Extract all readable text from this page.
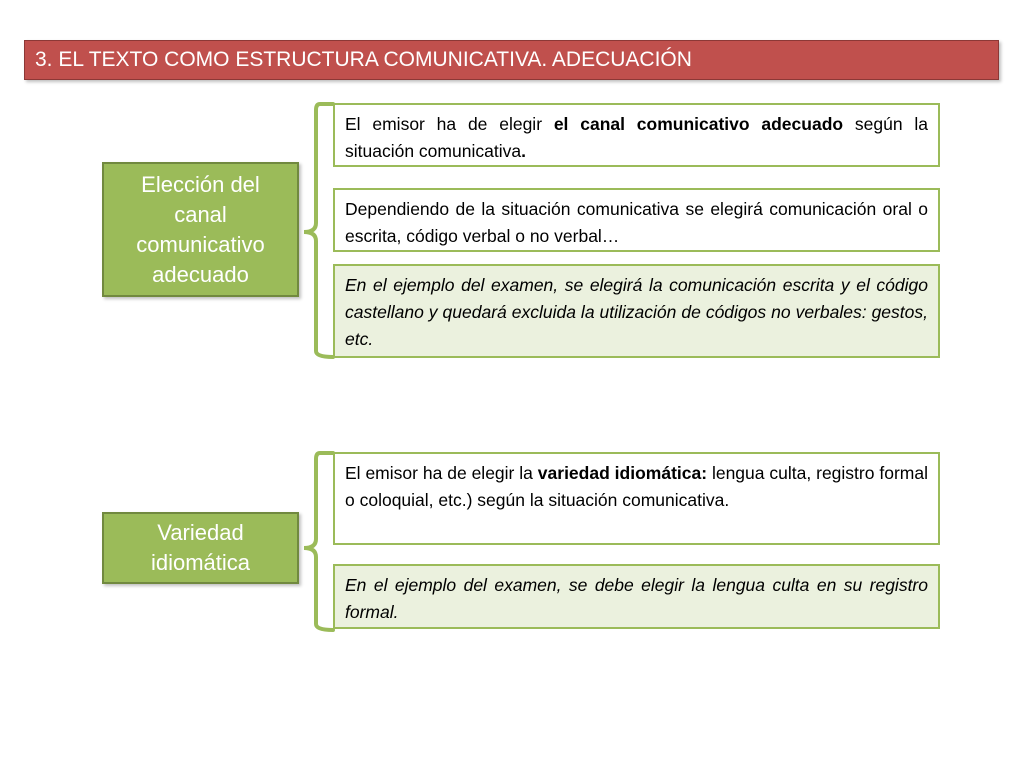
3. EL TEXTO COMO ESTRUCTURA COMUNICATIVA. ADECUACIÓN
Elección del canal comunicativo adecuado
El emisor ha de elegir el canal comunicativo adecuado según la situación comunicativa.
Dependiendo de la situación comunicativa se elegirá comunicación oral o escrita, código verbal o no verbal…
En el ejemplo del examen, se elegirá la comunicación escrita y el código castellano y quedará excluida la utilización de códigos no verbales: gestos, etc.
Variedad idiomática
El emisor ha de elegir la variedad idiomática: lengua culta, registro formal o coloquial, etc.) según la situación comunicativa.
En el ejemplo del examen, se debe elegir la lengua culta en su registro formal.
